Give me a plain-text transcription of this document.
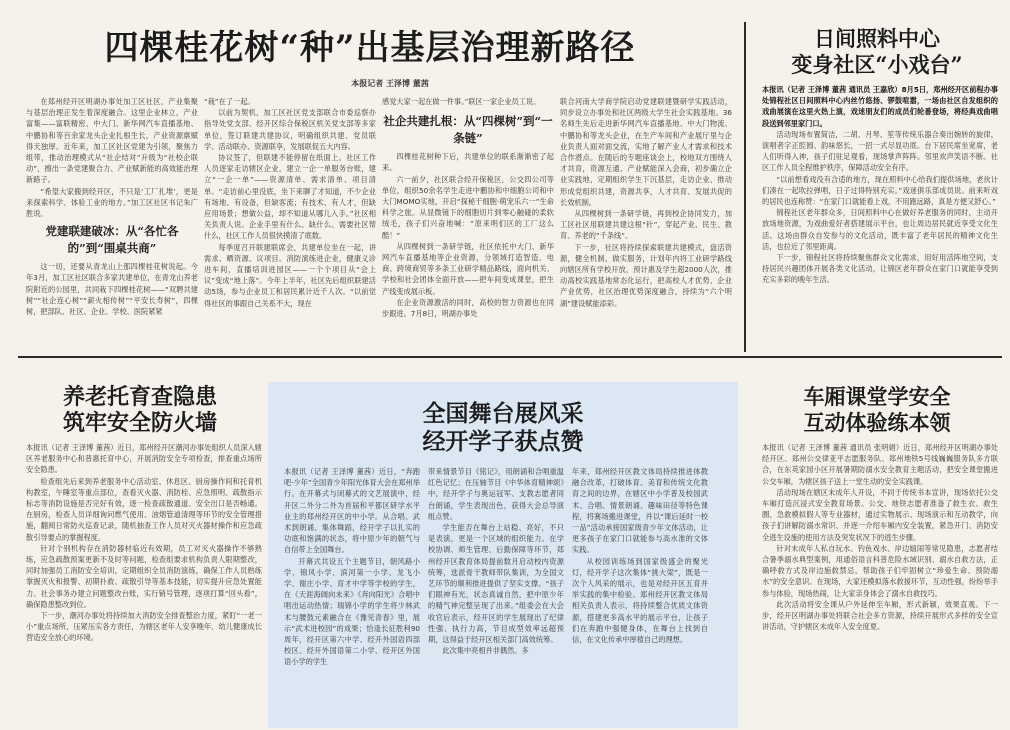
四棵桂花树“种”出基层治理新路径
本报记者 王泽博 董茜

在郑州经开区明湖办事处加工区社区，产业集聚与基层治理正发生着深度融合。这里企业林立，产业富集——富联精密、中大门、新华网汽车直播基地、中鹏协和等百余家龙头企业扎根生长，产业资源禀赋得天独厚。近年来，加工区社区党建为引领，聚焦力组带，推动治理模式从“社企结对”升级为“社校企联动”，擦出一条党建聚合力、产业赋新能的高效能治理新路子。

“希望大家搬到经开区，不只是‘工厂扎堆’，更是来探索科学、体验工业的地方。”加工区社区书记朱广胜说。

党建联建破冰：从“各忙各的”到“围桌共商”

这一切，还要从青龙山上那四棵桂花树说起。今年3月，加工区社区联合多家共建单位，在青龙山养老院附近的公园里，共同栽下四棵桂花树——“双聘共建树”“社企连心树”“薪火相传树”“平安长寿树”，四棵树，把部队、社区、企业、学校、医院紧紧

“栽”在了一起。

以前为契机，加工区社区党支部联合市委巡察办指导处党支部、经开区综合保税区机关党支部等多家单位，签订联建共建协议，明确组织共建、党员联学、活动联办、资源联享，发展联促五大内容。

协议签了，但联建不能停留在纸面上。社区工作人员逐家走访辖区企业，建立一企一单服务台账，建立“一企一单”——资源清单、需求清单、项目清单。“走访前心里没底，坐下来聊了才知道，不少企业有场地、有设备，但缺客流；有技术、有人才，但缺应用场景；想做公益，却不知道从哪儿入手。”社区相关负责人说。企业手里有什么、缺什么、需要社区帮什么，社区工作人员很快摸清了底数。

每季度召开联建联席会，共建单位坐在一起，讲需求、晒资源、议项目。消防演练进企业，健康义诊进车间，直播培训进园区——一个个项目从“会上议”变成“地上落”。今年上半年，社区先后组织联建活动5场，参与企业员工和居民累计近千人次。“以前觉得社区的事跟自己关系不大，现在

感觉大家一起在做一件事。”联区一家企业员工说。

社企共建扎根：从“四棵树”到“一条链”

四棵桂花树种下后，共建单位的联系渐渐密了起来。

六一前夕，社区联合经开保税区，公交四公司等单位，组织50余名学生走进中鹏协和中细胞公司和中大门MOMO实地，开启“探秘干细胞·萌宠乐六一”生命科学之旅。从显微镜下的细胞切片到零心触碰的柔软绒毛，孩子们兴奋地喊：“原来明们区的工厂这么酷！”

从四棵树到一条研学链，社区依托中大门、新华网汽车直播基地等企业资源，分领域打造智造、电商、跨境商贸等多条工业研学精品路线，面向机关、学校和社会团体全面开放——把车间变成课堂，把生产线变成展示板。

在企业资源激活的同时，高校的智力资源也在同步跟进。7月8日，明湖办事处

联合河南大学商学院启动党建联建暨研学实践活动，同步设立办事处和社区两级大学生社会实践基地。36名师生先后走进新华网汽车直播基地、中大门物流、中鹏协和等龙头企业，在生产车间和产业展厅里与企业负责人面对面交流，实地了解产业人才需求和技术合作潜点。在随后的专题座谈会上，校地双方围绕人才共育，资源互通、产业赋能深入会商，初步确立企业实践地，定期组织学生下沉基层，走访企业、推动形成党组织共建，资源共享，人才共育、发展共促的长效机制。

从四棵树到一条研学链，再到校企协同发力，加工区社区用联建共建这根“针”，穿起产业、民生、教育、养老的“千条线”。

下一步，社区将持续探索联建共建模式，盘活资源，健全机制，做实服务，计划年内将工业研学路线向辖区所有学校开放，预计惠及学生超2000人次，推动高校实践基地常态化运行，把高校人才优势、企业产业优势，社区治理优势深度融合，持续为“六个明湖”建设赋能添彩。

日间照料中心
变身社区“小戏台”

本报讯（记者 王泽博 董茜 通讯员 王嘉欣）8月5日，郑州经开区前程办事处锦程社区日间照料中心内丝竹悠扬、锣鼓喧嚣，一场由社区自发组织的戏曲展演在这里火热上演，戏迷朋友们的成员们轮番登场，将经典戏曲唱段送到邻里家门口。

活动现场布置简洁，二胡、月琴、笙等传统乐器合奏出婉转的旋律，演唱者字正腔圆、韵味悠长，一招一式尽显功底。台下居民席坐宽席，老人们听得入神，孩子们驻足观看，现场掌声阵阵。邻里欢声笑语不断。社区工作人员全程维护秩序，保障活动安全有序。

“以前想看戏没有合适的地方，现在照料中心给我们提供场地，老伙计们凑在一起吹拉弹唱，日子过得特别充实。”戏迷俱乐部成员说。前来听戏的居民也连称赞：“在家门口就能看上戏，不用跑远路，真是方便又舒心。”

锦程社区老年群众多，日间照料中心在做好养老服务的同时，主动开放场地资源，为戏曲爱好者搭建展示平台，也让周边居民就近享受文化生活。这场由群众自发参与的文化活动，既丰富了老年居民的精神文化生活，也拉近了邻里距离。

下一步，锦程社区将持续聚焦群众文化需求，用好用活阵地空间，支持居民兴趣团体开展各类文化活动，让锦区老年群众在家门口就能享受到充实多彩的晚年生活。

养老托育查隐患
筑牢安全防火墙

本报讯（记者 王泽博 董茜）近日，郑州经开区潮河办事处组织人员深入辖区养老服务中心和普惠托育中心，开展消防安全专项检查，排查重点场所安全隐患。

检查组先后来到养老服务中心活动室、休息区、厨房操作间和托育机构教室，午睡室等重点部位，查看灭火器、消防栓、应急照明、疏散指示标志等消防设施是否完好有效，逐一检查疏散通道、安全出口是否畅通。在厨房，检查人员详细询问燃气使用、油烟管道清理等环节的安全管理措施，翻阅日常防火巡查记录，随机抽查工作人员对灭火器材操作和应急疏散引导要点的掌握程度。

针对个别机构存在消防器材临近有效期，员工对灭火器操作不够熟练，应急疏散预案更新不及时等问题，检查组要求机构负责人限期整改，同时加强员工消防安全培训，定期组织全员消防演练，确保工作人员熟练掌握灭火和报警、初期扑救、疏散引导等基本技能，切实提升应急处置能力。社会事务办建立问题整改台账，实行销号管理，逐项打算“回头看”，确保隐患整改到位。

下一步，潮河办事处将持续加大消防安全排查整治力度，紧盯“一老一小”重点场所，压紧压实各方责任，为辖区老年人安享晚年、幼儿健康成长营造安全放心的环境。

全国舞台展风采
经开学子获点赞

本报讯（记者 王泽博 董茜）近日，“奔跑吧·少年”全国青少年阳光体育大会在郑州举行。在开幕式与闭幕式的文艺展演中，经开区二外分二外为首届和平都区研学水平业主的郑州经开区的中小学。从合唱、武术到朗诵、集体舞蹈，经开学子以扎实的功底和饱满的状态，将中原少年的朝气与自信带上全国舞台。

开幕式共设五个主题节目，朝风路小学、锦风小学、滨河第一小学、龙飞小学、谢庄小学、育才中学等学校的学生，在《天涯海阔向未来》《奔向阳光》合唱中唱出运动热情；瑞锦小学的学生将少林武术与腰鼓元素融合在《豫见青春》里，展示“武术进校园”的成果；恰逢长征胜利90周年，经开区第六中学、经开外国语四部校区、经开外国语第二小学、经开区外国语小学的学生

带来情景节目《铭记》，用朗诵和合唱重温红色记忆；在压轴节目《中华体育精神颂》中，经开学子与奥运冠军、支教志愿者同台朗诵，学生表现出色，获得大会总导演组点赞。

学生能否在舞台上站稳、亮好，不只是表演，更是一个区域的组织能力。在学校协调、师生管理、后勤保障等环节，郑州经开区教育体局提前数月启动校内资源统筹，选派骨干教师带队集训，为全国文艺环节的顺利推进提供了坚实支撑。“孩子们眼神有光，状态真诚自然，把中原少年的精气神完整呈现了出来。”组委会在大会收官后表示，经开区的学生展现出了纪律性强、执行力高，节目成型效率远超预期，这得益于经开区相关部门高效统筹。

此次集中亮相并非偶然。多

年来，郑州经开区教文体局持续推进体教融合改革，打破体育、美育和传统文化教育之间的边界，在辖区中小学普及校园武术、合唱、情景朗诵、趣味田径等特色课程，将赛场搬进课堂，并以“课后延时一校一品”活动承接国家级青少年文体活动，让更多孩子在家门口就能参与高水准的文体实践。

从校园训练场到国家级盛会的聚光灯，经开学子这次集体“挑大梁”，既是一次个人风采的展示，也是对经开区五育并举实践的集中检验。郑州经开区教文体局相关负责人表示，将持续整合优质文体资源，搭建更多高水平的展示平台，让孩子们在奔跑中强健身体，在舞台上找到自信，在文化传承中厚植自己的理想。

车厢课堂学安全
互动体验练本领

本报讯（记者 王泽博 董茜 通讯员 张明娟）近日，郑州经开区明湖办事处经开区、郑州公交律亚平志愿服务队、郑州地铁5号线巍巍服务队多方联合，在东英家园小区开展暑期防溺水安全教育主题活动，把安全课堂搬进公交车厢，为辖区孩子送上一堂生动的安全实践课。

活动现场在辖区未成年人开设，不同于传统书本宣讲，现场依托公交车厢打造沉浸式安全教育场景。公交、地铁志愿者准备了救生衣、救生圈、急救模拟假人等专业器材，通过实物展示、现场演示和互动教学，向孩子们讲解防溺水常识、并逐一介绍车厢内安全装置，紧急开门、消防安全逃生设施的使用方法及突发状况下的逃生步骤。

针对未成年人私自玩水、钓鱼戏水、岸边嬉闹等常见隐患，志愿者结合暑季溺水典型案例，用通俗语言科普危险水域识别、溺水自救方法，正确呼救方式及岸边施救禁忌，帮助孩子们牢固树立“珍爱生命、预防溺水”的安全意识。在现场，大家还模拟落水救援环节，互动性强，纷纷举手参与体验，现场热闹，让大家亲身体会了溺水自救技巧。

此次活动将安全课从户外延伸至车厢，形式新颖，效果直观。下一步，经开区明湖办事处将联合社会多方资源，持续开展形式多样的安全宣讲活动，守护辖区未成年人安全度夏。
